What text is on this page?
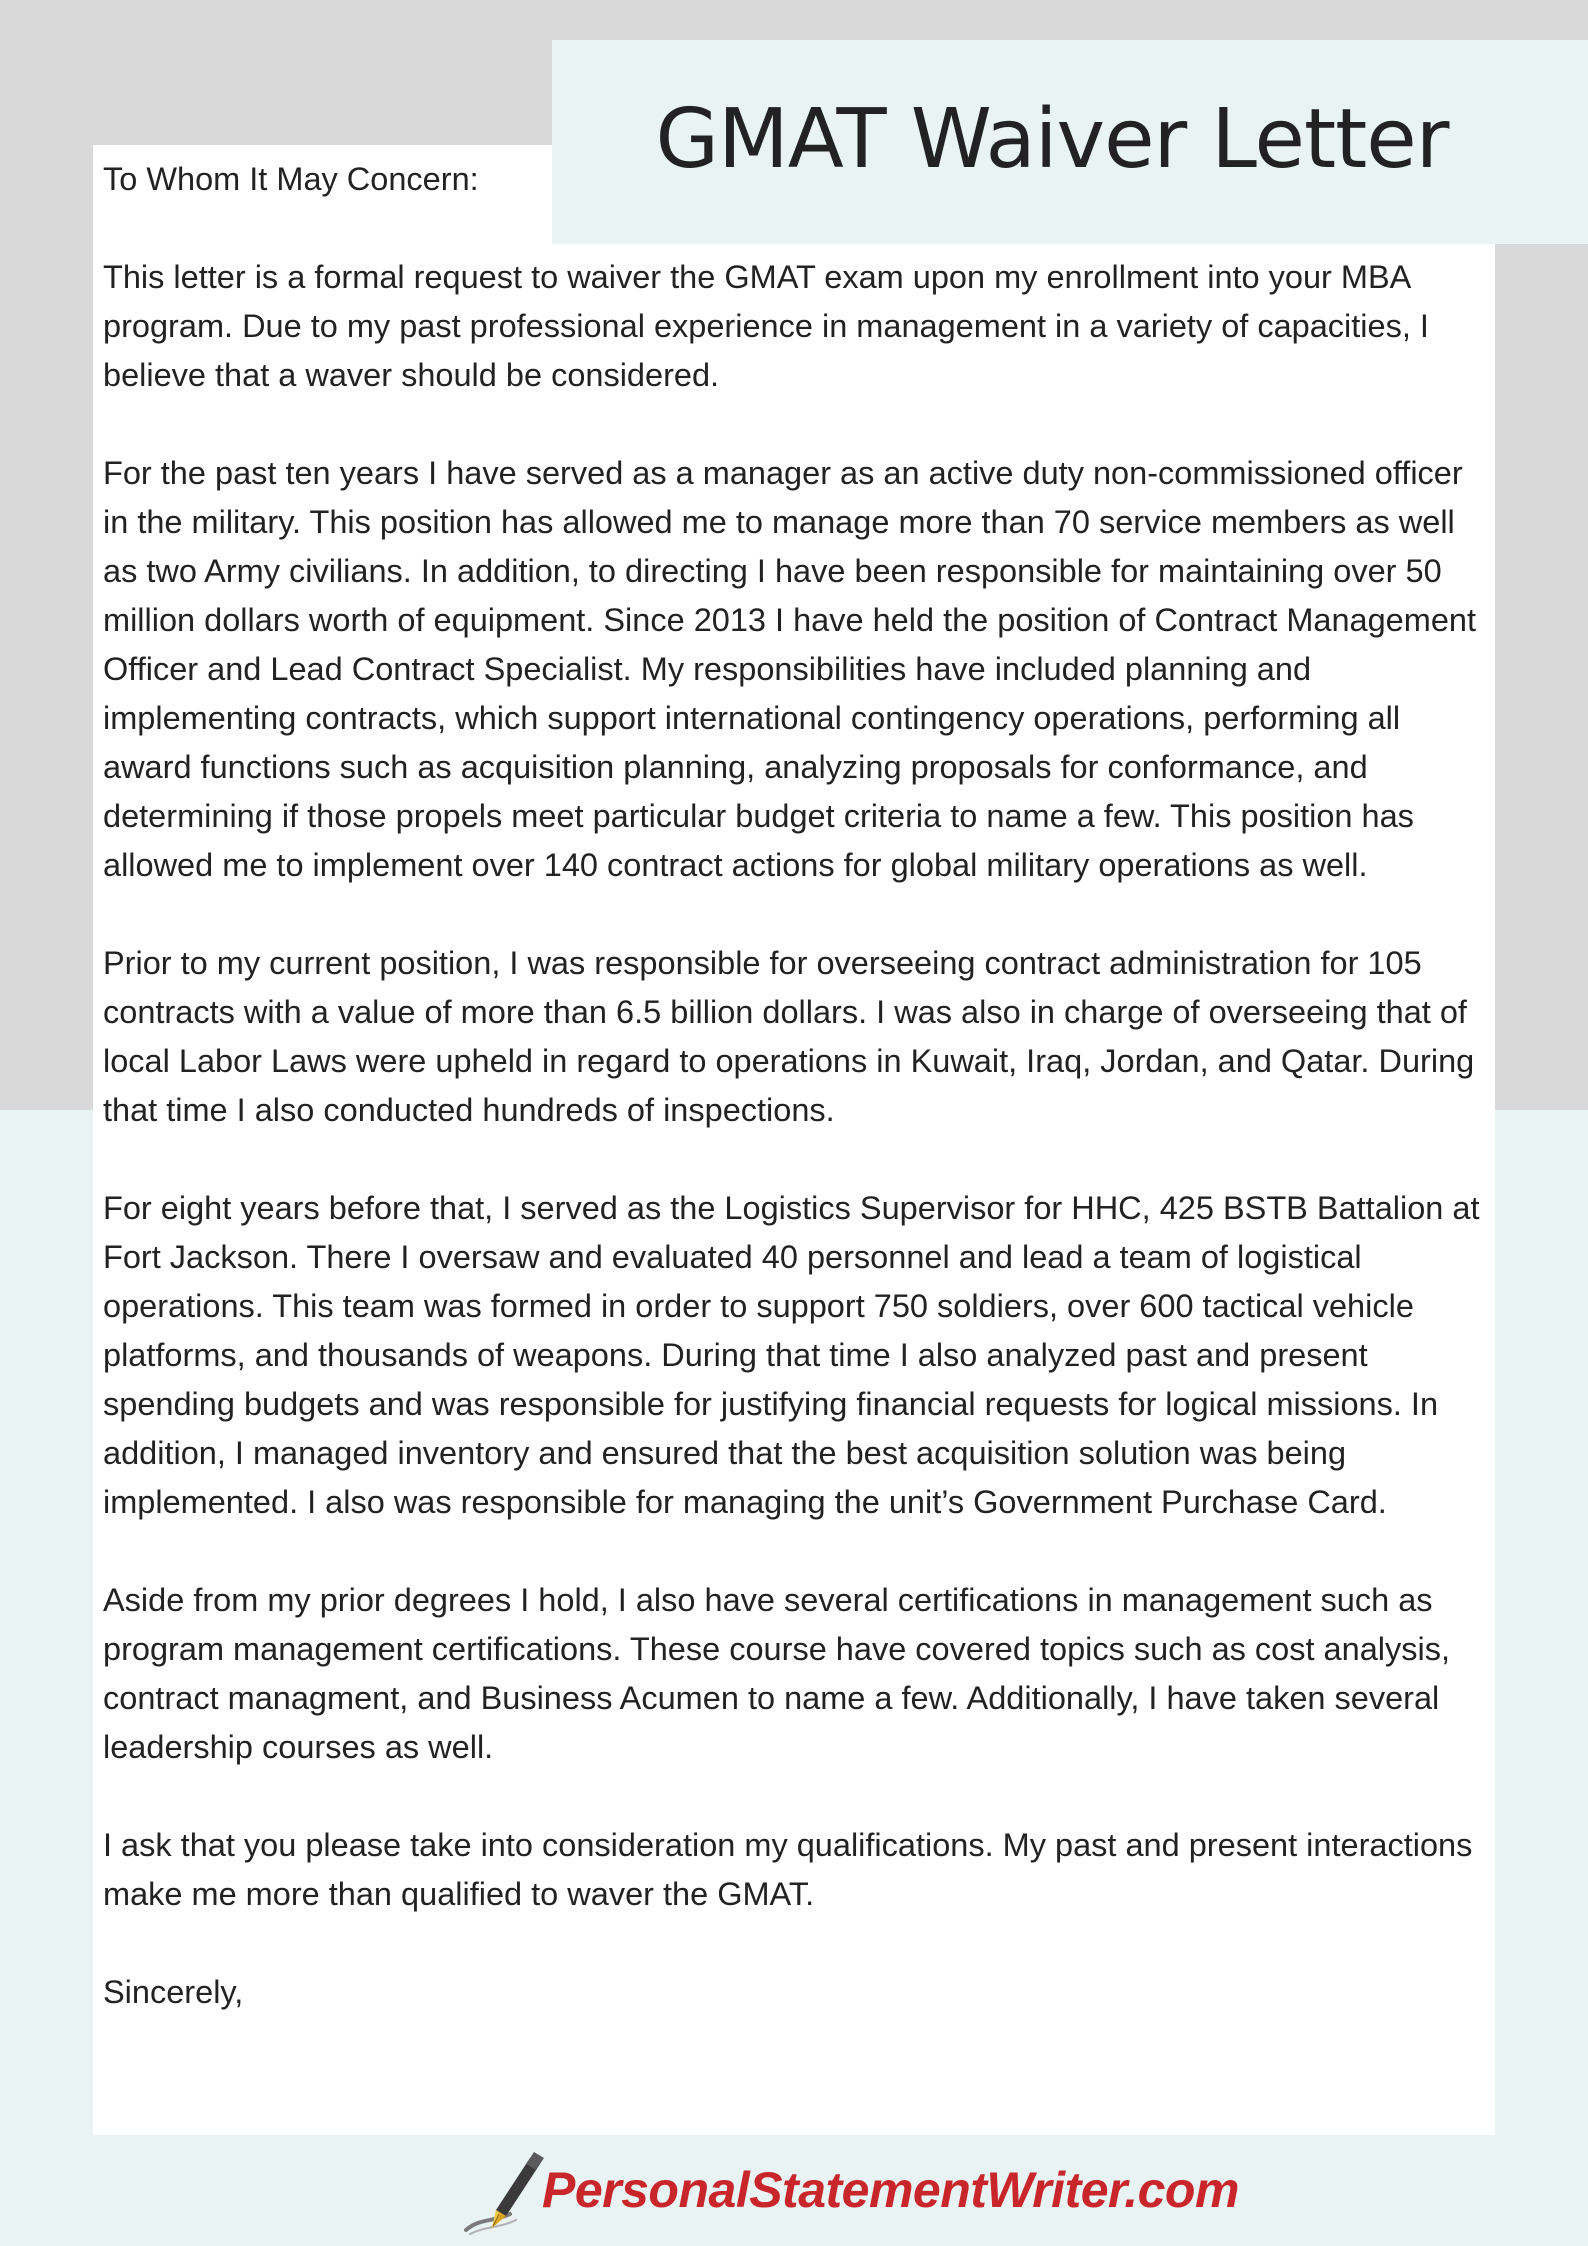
GMAT Waiver Letter

To Whom It May Concern:

This letter is a formal request to waiver the GMAT exam upon my enrollment into your MBA program. Due to my past professional experience in management in a variety of capacities, I believe that a waver should be considered.

For the past ten years I have served as a manager as an active duty non-commissioned officer in the military. This position has allowed me to manage more than 70 service members as well as two Army civilians. In addition, to directing I have been responsible for maintaining over 50 million dollars worth of equipment. Since 2013 I have held the position of Contract Management Officer and Lead Contract Specialist. My responsibilities have included planning and implementing contracts, which support international contingency operations, performing all award functions such as acquisition planning, analyzing proposals for conformance, and determining if those propels meet particular budget criteria to name a few. This position has allowed me to implement over 140 contract actions for global military operations as well.

Prior to my current position, I was responsible for overseeing contract administration for 105 contracts with a value of more than 6.5 billion dollars. I was also in charge of overseeing that of local Labor Laws were upheld in regard to operations in Kuwait, Iraq, Jordan, and Qatar. During that time I also conducted hundreds of inspections.

For eight years before that, I served as the Logistics Supervisor for HHC, 425 BSTB Battalion at Fort Jackson. There I oversaw and evaluated 40 personnel and lead a team of logistical operations. This team was formed in order to support 750 soldiers, over 600 tactical vehicle platforms, and thousands of weapons. During that time I also analyzed past and present spending budgets and was responsible for justifying financial requests for logical missions. In addition, I managed inventory and ensured that the best acquisition solution was being implemented. I also was responsible for managing the unit’s Government Purchase Card.

Aside from my prior degrees I hold, I also have several certifications in management such as program management certifications. These course have covered topics such as cost analysis, contract managment, and Business Acumen to name a few. Additionally, I have taken several leadership courses as well.

I ask that you please take into consideration my qualifications. My past and present interactions make me more than qualified to waver the GMAT.

Sincerely,

PersonalStatementWriter.com
